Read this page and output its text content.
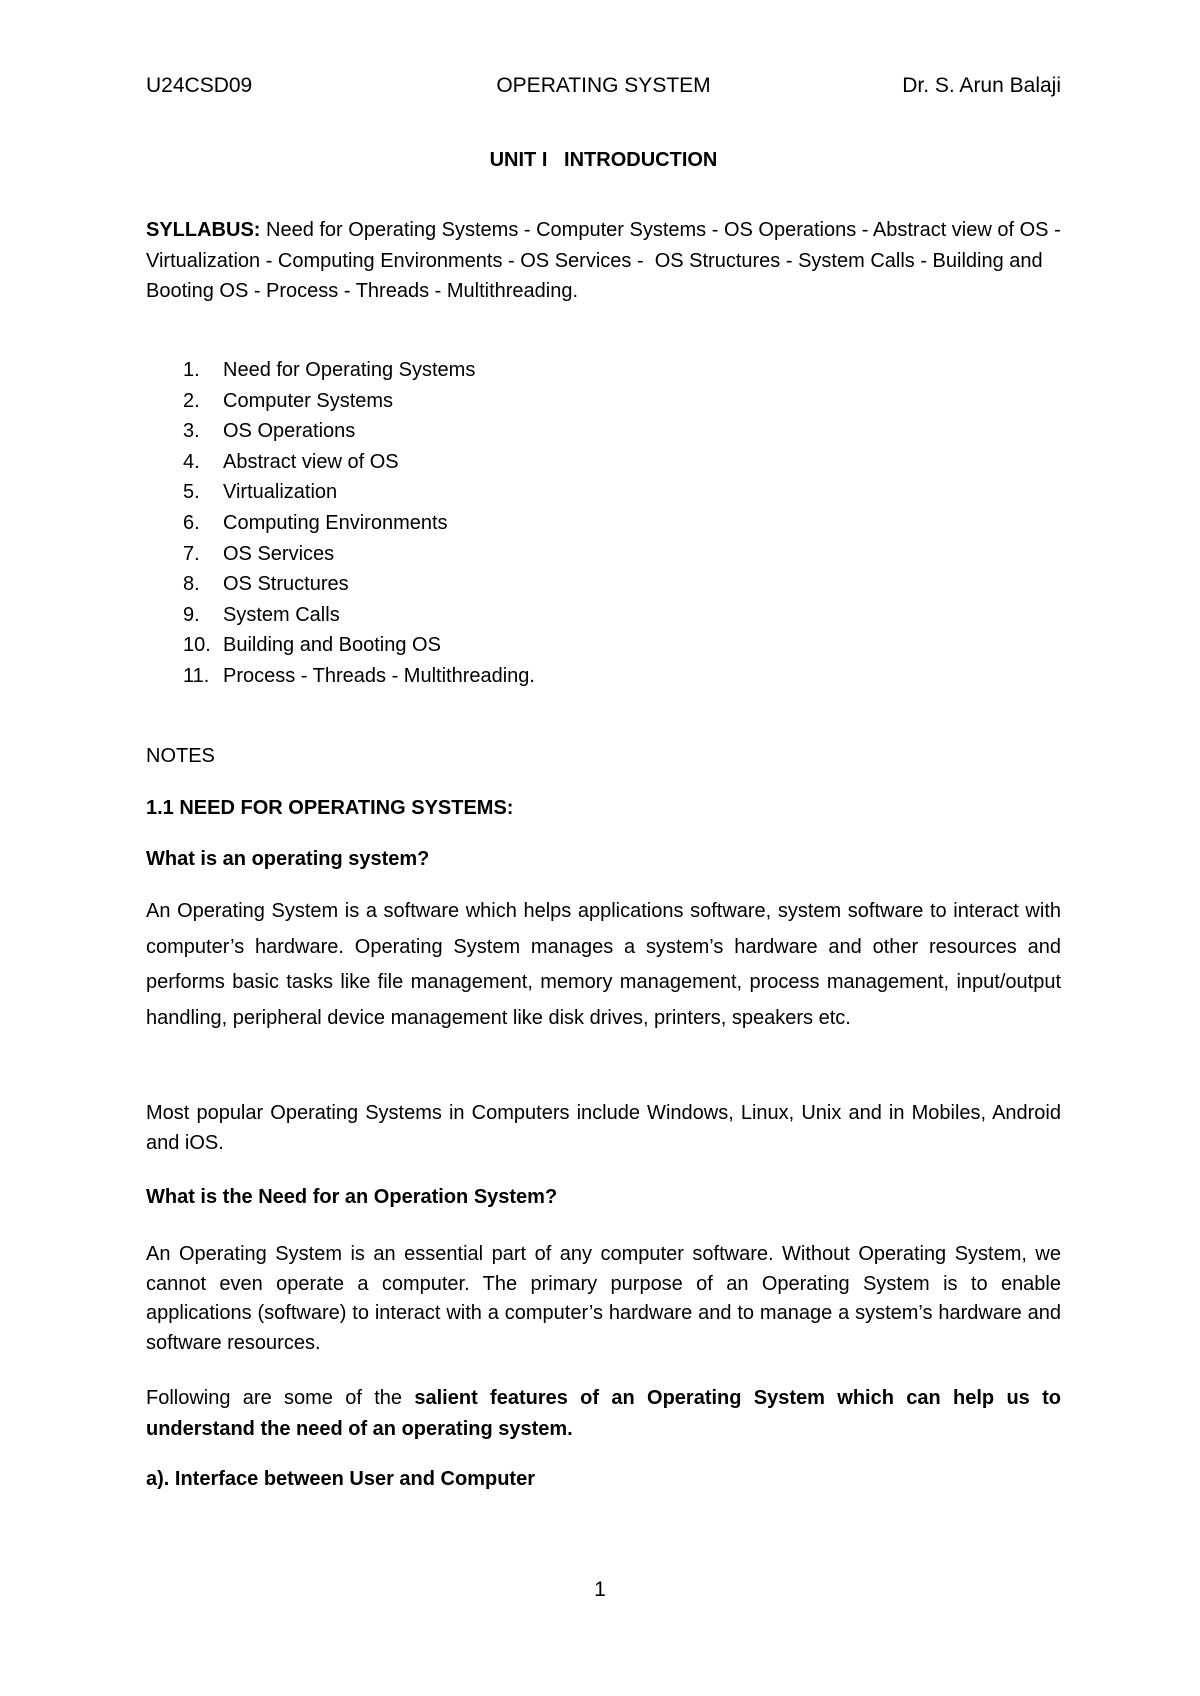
U24CSD09	OPERATING SYSTEM	Dr. S. Arun Balaji
UNIT I   INTRODUCTION
SYLLABUS: Need for Operating Systems - Computer Systems - OS Operations - Abstract view of OS - Virtualization - Computing Environments - OS Services -  OS Structures - System Calls - Building and Booting OS - Process - Threads - Multithreading.
1.	Need for Operating Systems
2.	Computer Systems
3.	OS Operations
4.	Abstract view of OS
5.	Virtualization
6.	Computing Environments
7.	OS Services
8.	OS Structures
9.	System Calls
10. Building and Booting OS
11. Process - Threads - Multithreading.
NOTES
1.1 NEED FOR OPERATING SYSTEMS:
What is an operating system?
An Operating System is a software which helps applications software, system software to interact with computer’s hardware. Operating System manages a system’s hardware and other resources and performs basic tasks like file management, memory management, process management, input/output handling, peripheral device management like disk drives, printers, speakers etc.
Most popular Operating Systems in Computers include Windows, Linux, Unix and in Mobiles, Android and iOS.
What is the Need for an Operation System?
An Operating System is an essential part of any computer software. Without Operating System, we cannot even operate a computer. The primary purpose of an Operating System is to enable applications (software) to interact with a computer’s hardware and to manage a system’s hardware and software resources.
Following are some of the salient features of an Operating System which can help us to understand the need of an operating system.
a). Interface between User and Computer
1
